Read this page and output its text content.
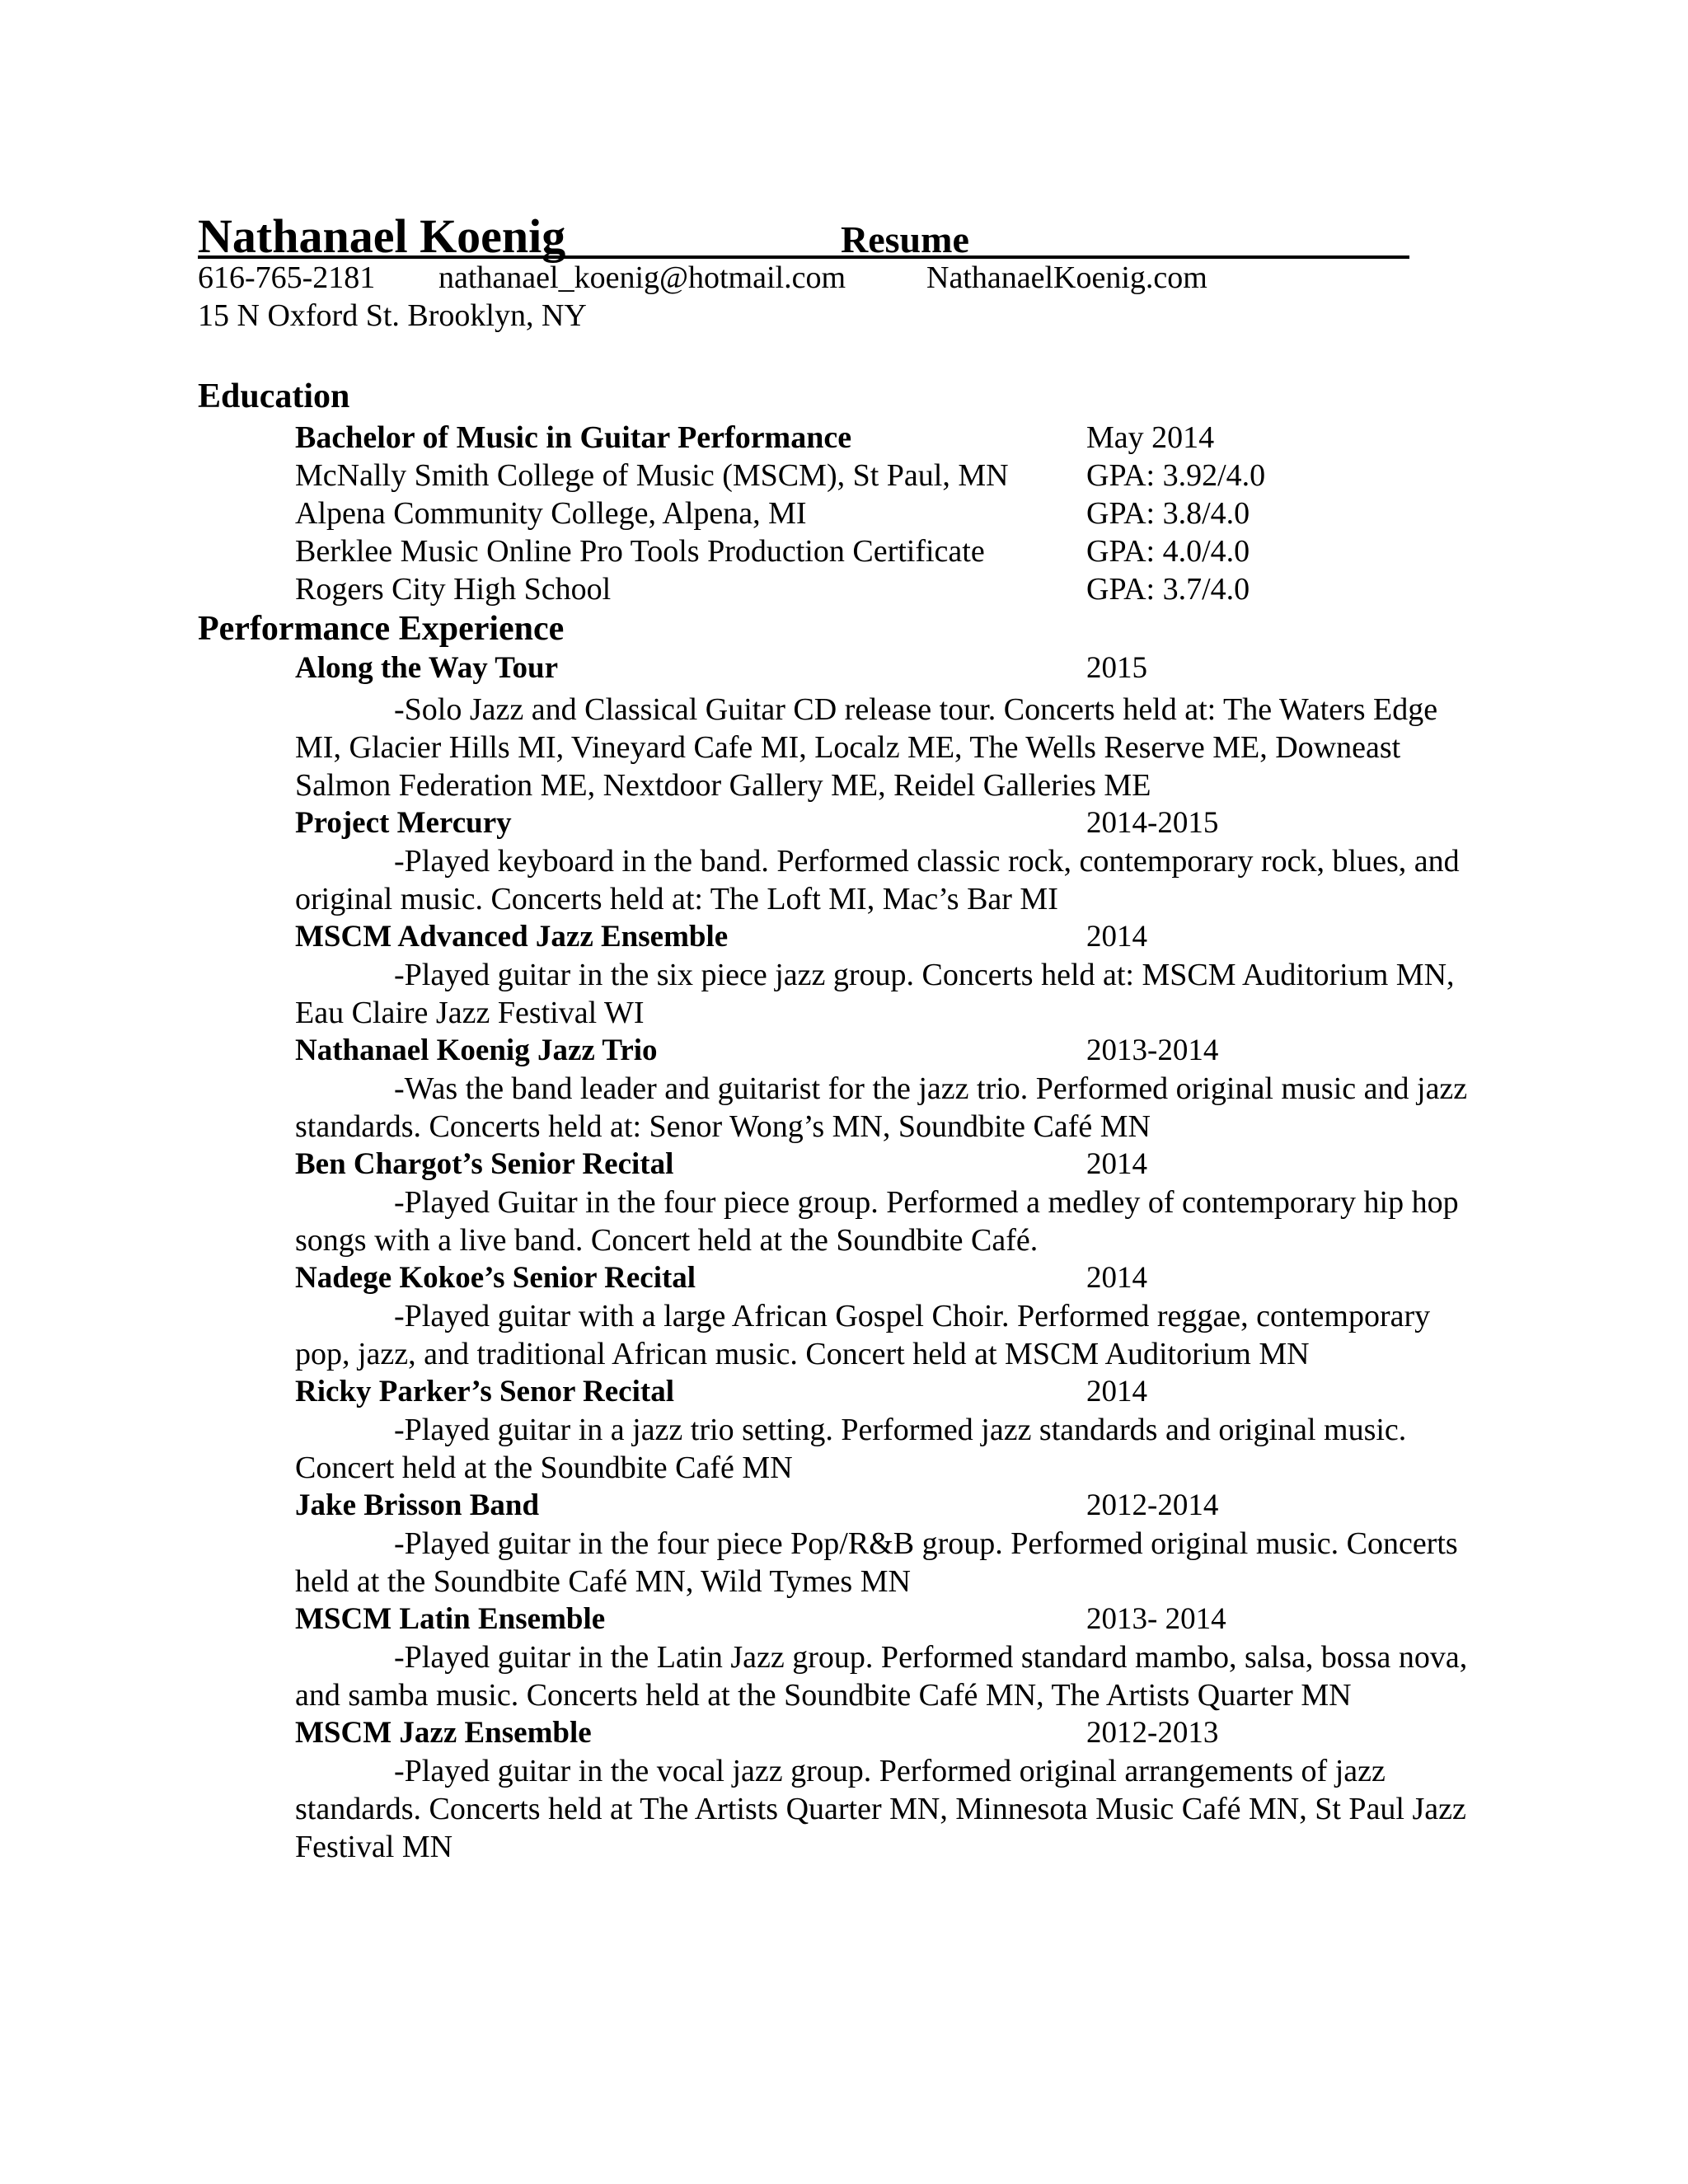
Nathanael Koenig	Resume
616-765-2181 nathanael_koenig@hotmail.com	NathanaelKoenig.com
15 N Oxford St. Brooklyn, NY
Education
Bachelor of Music in Guitar Performance	May 2014
McNally Smith College of Music (MSCM), St Paul, MN GPA: 3.92/4.0
Alpena Community College, Alpena, MI	GPA: 3.8/4.0
Berklee Music Online Pro Tools Production Certificate	GPA: 4.0/4.0
Rogers City High School	GPA: 3.7/4.0
Performance Experience
Along the Way Tour	2015

-Solo Jazz and Classical Guitar CD release tour. Concerts held at: The Waters Edge MI, Glacier Hills MI, Vineyard Cafe MI, Localz ME, The Wells Reserve ME, Downeast Salmon Federation ME, Nextdoor Gallery ME, Reidel Galleries ME

Project Mercury	2014-2015

-Played keyboard in the band. Performed classic rock, contemporary rock, blues, and original music. Concerts held at: The Loft MI, Mac’s Bar MI

MSCM Advanced Jazz Ensemble	2014

-Played guitar in the six piece jazz group. Concerts held at: MSCM Auditorium MN, Eau Claire Jazz Festival WI

Nathanael Koenig Jazz Trio	2013-2014

-Was the band leader and guitarist for the jazz trio. Performed original music and jazz standards. Concerts held at: Senor Wong’s MN, Soundbite Café MN

Ben Chargot’s Senior Recital	2014

-Played Guitar in the four piece group. Performed a medley of contemporary hip hop songs with a live band. Concert held at the Soundbite Café.

Nadege Kokoe’s Senior Recital	2014

-Played guitar with a large African Gospel Choir. Performed reggae, contemporary pop, jazz, and traditional African music. Concert held at MSCM Auditorium MN

Ricky Parker’s Senor Recital	2014

-Played guitar in a jazz trio setting. Performed jazz standards and original music. Concert held at the Soundbite Café MN

Jake Brisson Band	2012-2014

-Played guitar in the four piece Pop/R&B group. Performed original music. Concerts held at the Soundbite Café MN, Wild Tymes MN

MSCM Latin Ensemble	2013- 2014

-Played guitar in the Latin Jazz group. Performed standard mambo, salsa, bossa nova, and samba music. Concerts held at the Soundbite Café MN, The Artists Quarter MN

MSCM Jazz Ensemble	2012-2013

-Played guitar in the vocal jazz group. Performed original arrangements of jazz standards. Concerts held at The Artists Quarter MN, Minnesota Music Café MN, St Paul Jazz Festival MN
